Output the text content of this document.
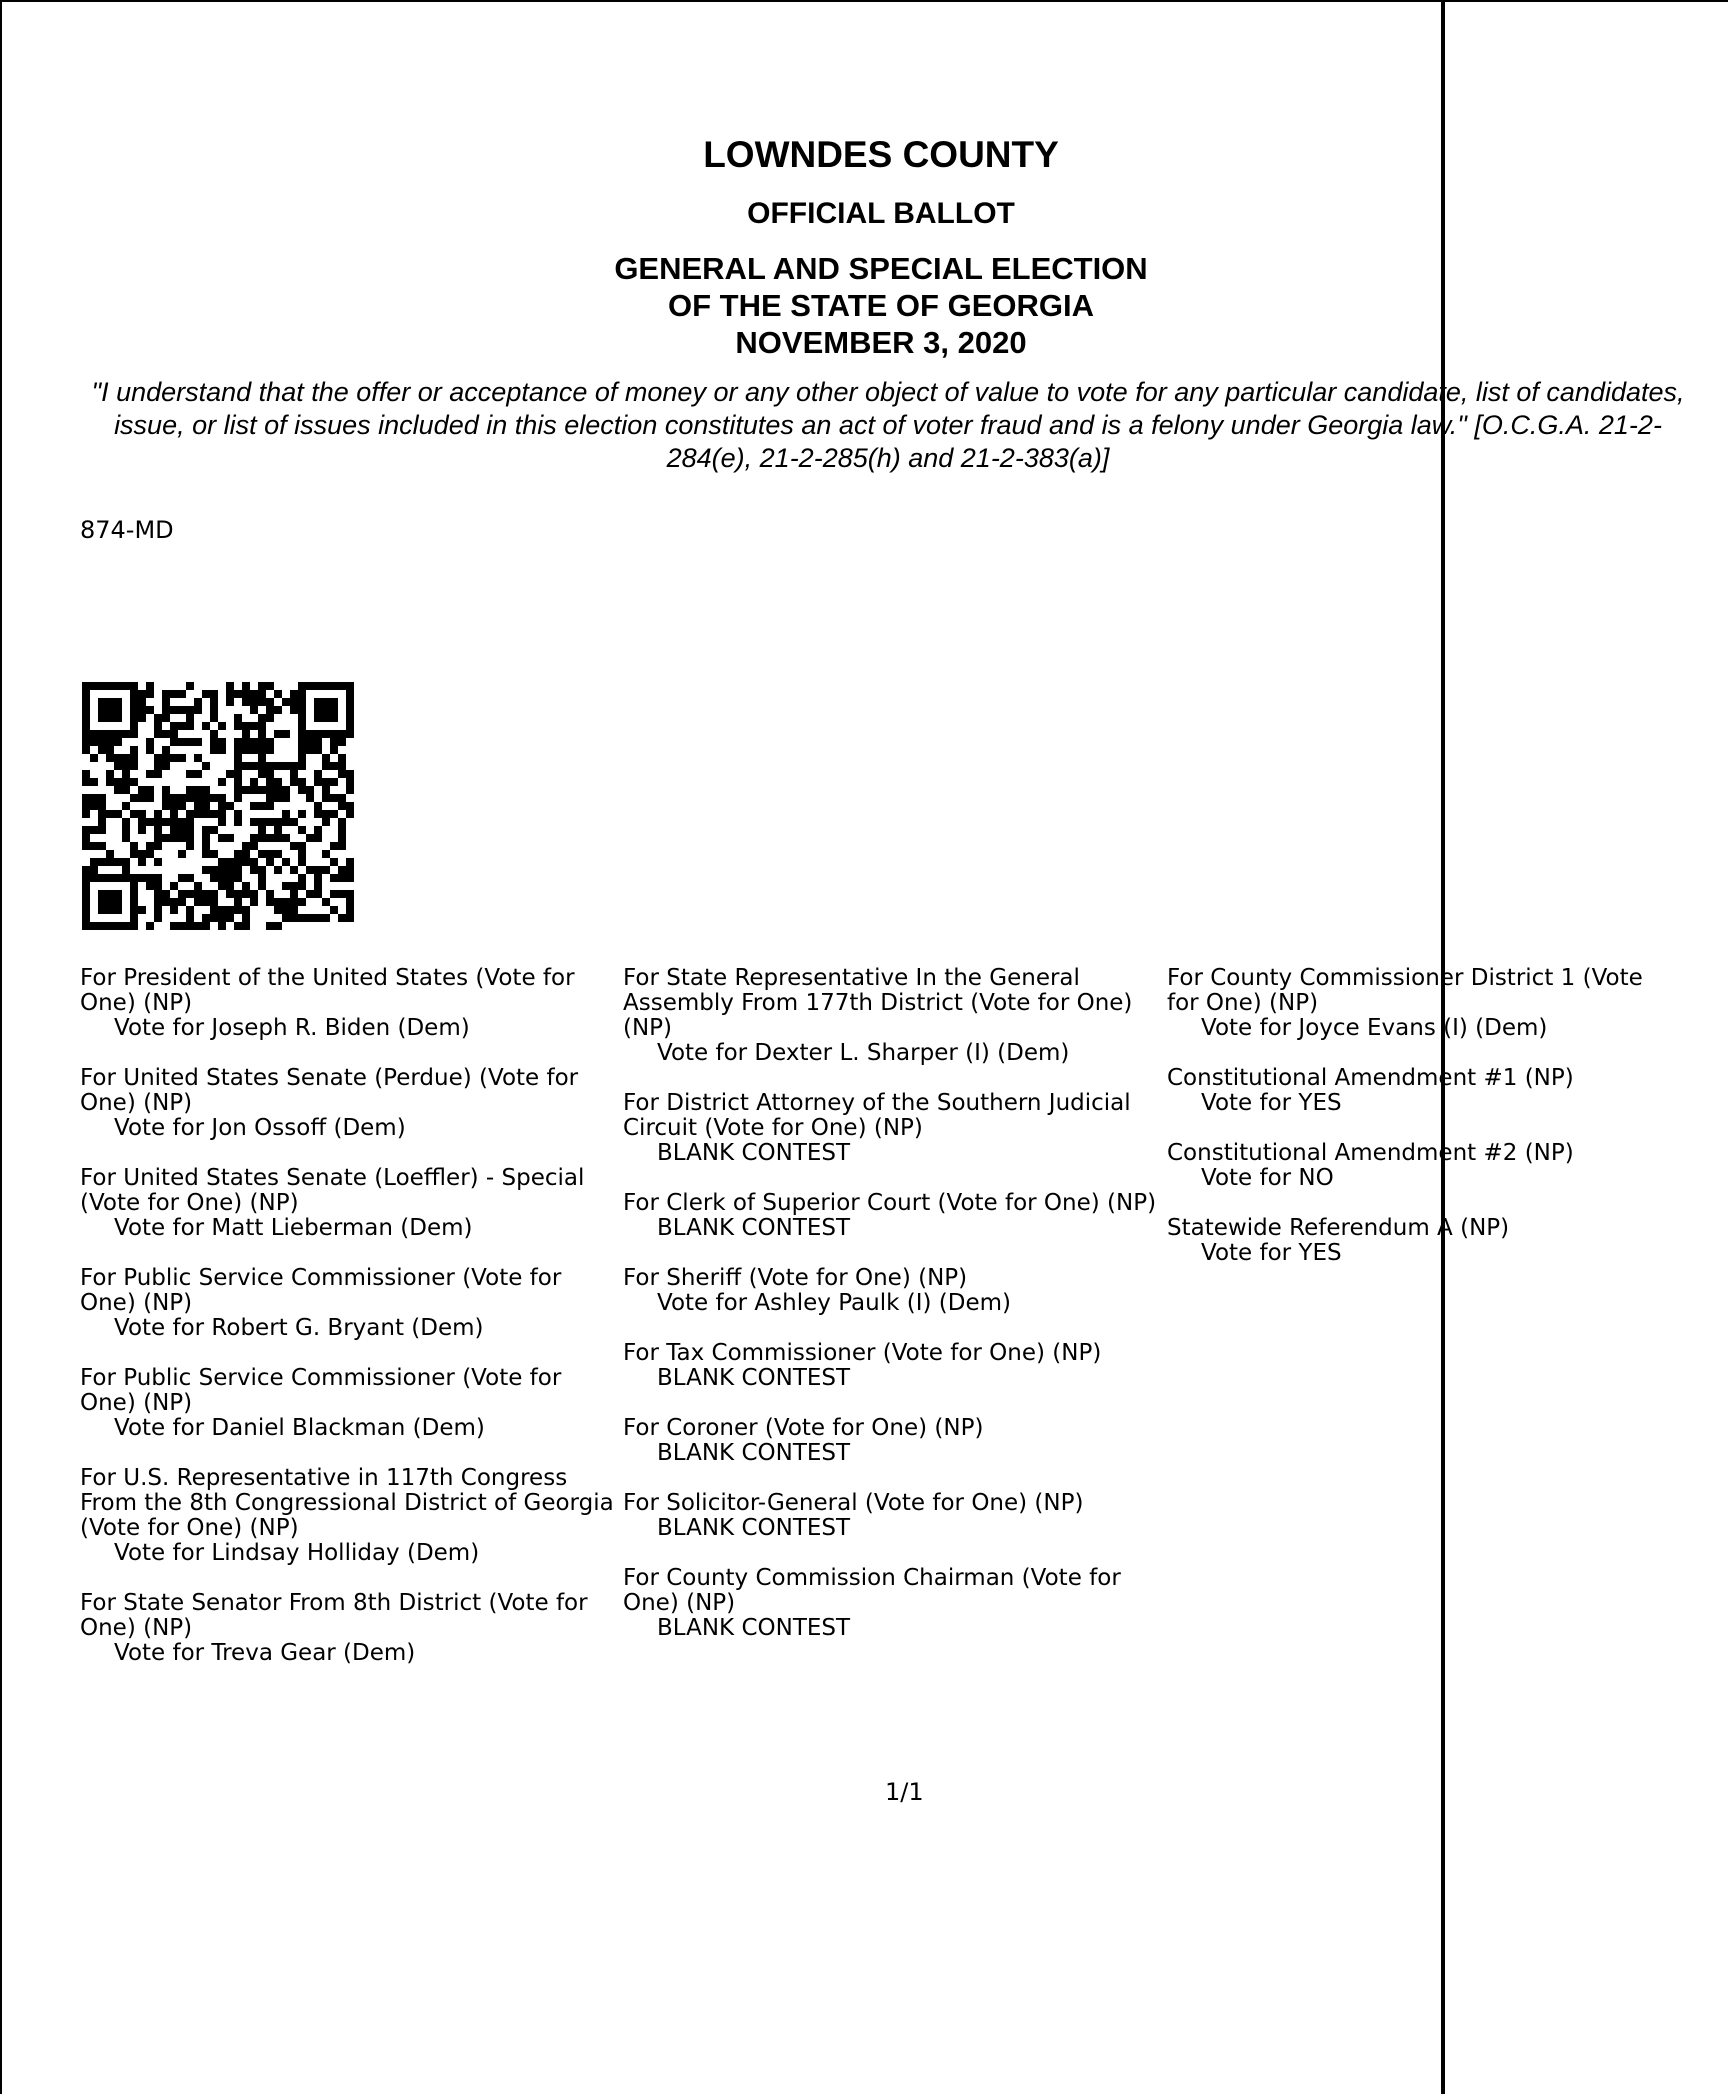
LOWNDES COUNTY
OFFICIAL BALLOT
GENERAL AND SPECIAL ELECTION
OF THE STATE OF GEORGIA
NOVEMBER 3, 2020
"I understand that the offer or acceptance of money or any other object of value to vote for any particular candidate, list of candidates, issue, or list of issues included in this election constitutes an act of voter fraud and is a felony under Georgia law." [O.C.G.A. 21-2-284(e), 21-2-285(h) and 21-2-383(a)]
874-MD
For President of the United States (Vote for One) (NP)
Vote for Joseph R. Biden (Dem)
For United States Senate (Perdue) (Vote for One) (NP)
Vote for Jon Ossoff (Dem)
For United States Senate (Loeffler) - Special (Vote for One) (NP)
Vote for Matt Lieberman (Dem)
For Public Service Commissioner (Vote for One) (NP)
Vote for Robert G. Bryant (Dem)
For Public Service Commissioner (Vote for One) (NP)
Vote for Daniel Blackman (Dem)
For U.S. Representative in 117th Congress From the 8th Congressional District of Georgia (Vote for One) (NP)
Vote for Lindsay Holliday (Dem)
For State Senator From 8th District (Vote for One) (NP)
Vote for Treva Gear (Dem)
For State Representative In the General Assembly From 177th District (Vote for One) (NP)
Vote for Dexter L. Sharper (I) (Dem)
For District Attorney of the Southern Judicial Circuit (Vote for One) (NP)
BLANK CONTEST
For Clerk of Superior Court (Vote for One) (NP)
BLANK CONTEST
For Sheriff (Vote for One) (NP)
Vote for Ashley Paulk (I) (Dem)
For Tax Commissioner (Vote for One) (NP)
BLANK CONTEST
For Coroner (Vote for One) (NP)
BLANK CONTEST
For Solicitor-General (Vote for One) (NP)
BLANK CONTEST
For County Commission Chairman (Vote for One) (NP)
BLANK CONTEST
For County Commissioner District 1 (Vote
for One) (NP)
Vote for Joyce Evans (I) (Dem)
Constitutional Amendment #1 (NP)
Vote for YES
Constitutional Amendment #2 (NP)
Vote for NO
Statewide Referendum A (NP)
Vote for YES
1/1
